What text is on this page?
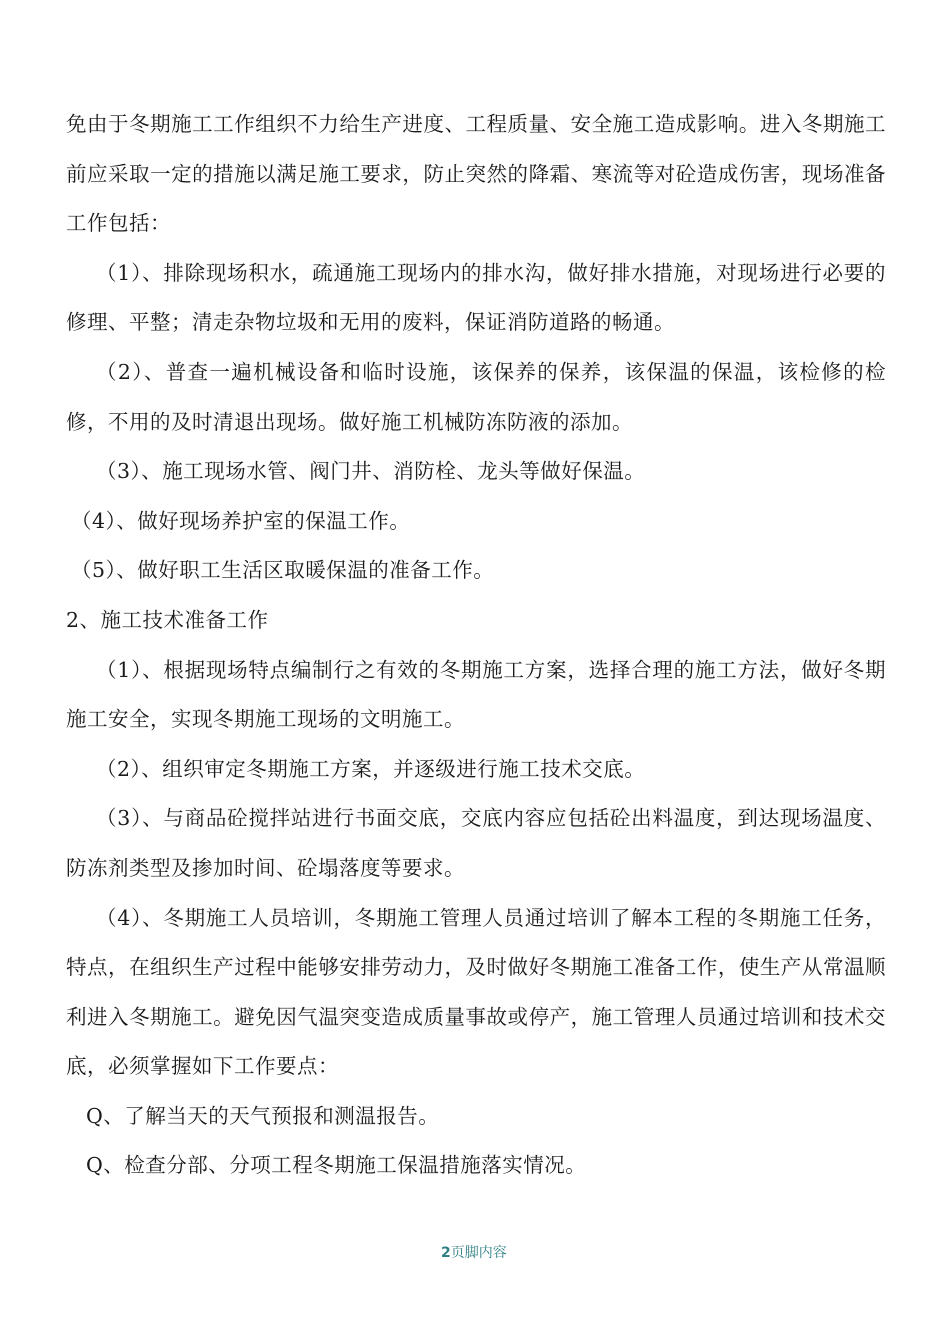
免由于冬期施工工作组织不力给生产进度、工程质量、安全施工造成影响。进入冬期施工前应采取一定的措施以满足施工要求，防止突然的降霜、寒流等对砼造成伤害，现场准备工作包括：

（1）、排除现场积水，疏通施工现场内的排水沟，做好排水措施，对现场进行必要的修理、平整；清走杂物垃圾和无用的废料，保证消防道路的畅通。

（2）、普查一遍机械设备和临时设施，该保养的保养，该保温的保温，该检修的检修，不用的及时清退出现场。做好施工机械防冻防液的添加。

（3）、施工现场水管、阀门井、消防栓、龙头等做好保温。

（4）、做好现场养护室的保温工作。

（5）、做好职工生活区取暖保温的准备工作。

2、施工技术准备工作

（1）、根据现场特点编制行之有效的冬期施工方案，选择合理的施工方法，做好冬期施工安全，实现冬期施工现场的文明施工。

（2）、组织审定冬期施工方案，并逐级进行施工技术交底。

（3）、与商品砼搅拌站进行书面交底，交底内容应包括砼出料温度，到达现场温度、防冻剂类型及掺加时间、砼塌落度等要求。

（4）、冬期施工人员培训，冬期施工管理人员通过培训了解本工程的冬期施工任务，特点，在组织生产过程中能够安排劳动力，及时做好冬期施工准备工作，使生产从常温顺利进入冬期施工。避免因气温突变造成质量事故或停产，施工管理人员通过培训和技术交底，必须掌握如下工作要点：

Q、了解当天的天气预报和测温报告。

Q、检查分部、分项工程冬期施工保温措施落实情况。

2页脚内容
